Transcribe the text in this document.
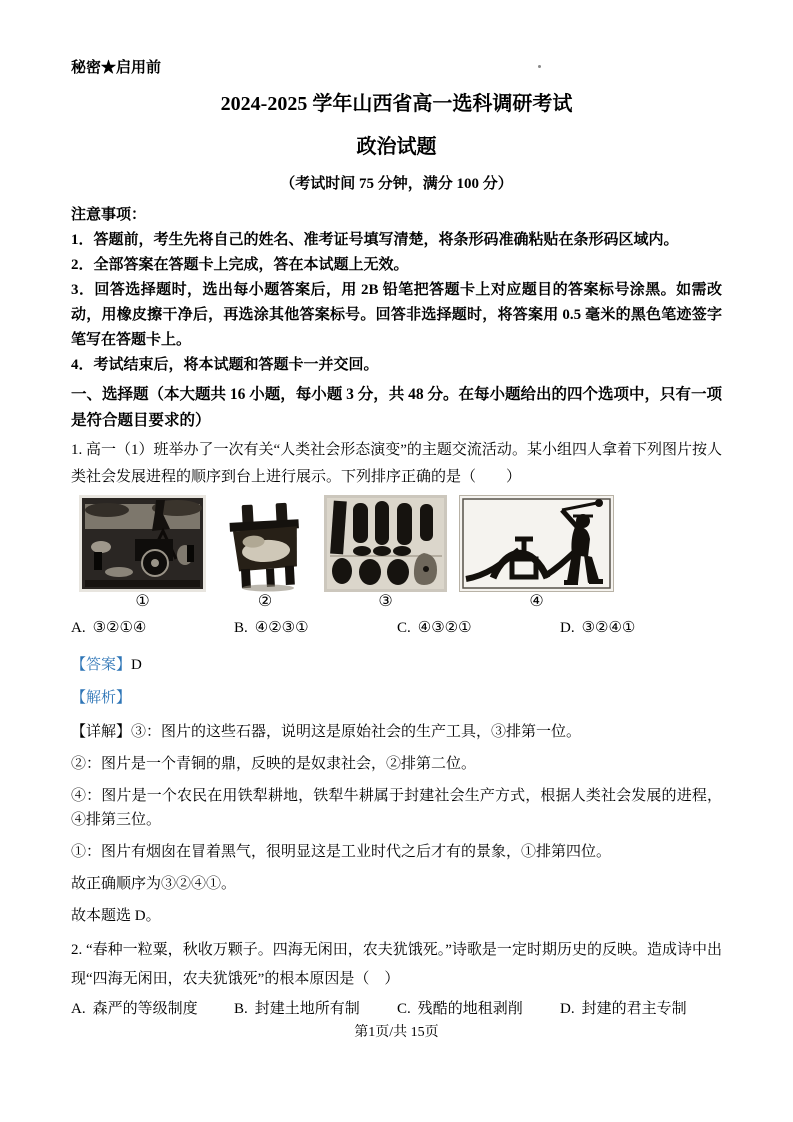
秘密★启用前
2024-2025 学年山西省高一选科调研考试
政治试题
（考试时间 75 分钟，满分 100 分）

注意事项：

1．答题前，考生先将自己的姓名、准考证号填写清楚，将条形码准确粘贴在条形码区域内。

2．全部答案在答题卡上完成，答在本试题上无效。

3．回答选择题时，选出每小题答案后，用 2B 铅笔把答题卡上对应题目的答案标号涂黑。如需改动，用橡皮擦干净后，再选涂其他答案标号。回答非选择题时，将答案用 0.5 毫米的黑色笔迹签字笔写在答题卡上。

4．考试结束后，将本试题和答题卡一并交回。

一、选择题（本大题共 16 小题，每小题 3 分，共 48 分。在每小题给出的四个选项中，只有一项是符合题目要求的）
1. 高一（1）班举办了一次有关“人类社会形态演变”的主题交流活动。某小组四人拿着下列图片按人类社会发展进程的顺序到台上进行展示。下列排序正确的是（　　）
①	②	③	④
A. ③②①④	B. ④②③①	C. ④③②①	D. ③②④①
【答案】D
【解析】

【详解】③：图片的这些石器，说明这是原始社会的生产工具，③排第一位。

②：图片是一个青铜的鼎，反映的是奴隶社会，②排第二位。

④：图片是一个农民在用铁犁耕地，铁犁牛耕属于封建社会生产方式，根据人类社会发展的进程，④排第三位。

①：图片有烟囱在冒着黑气，很明显这是工业时代之后才有的景象，①排第四位。

故正确顺序为③②④①。

故本题选 D。

2. “春种一粒粟，秋收万颗子。四海无闲田，农夫犹饿死。”诗歌是一定时期历史的反映。造成诗中出现“四海无闲田，农夫犹饿死”的根本原因是（　）
A. 森严的等级制度	B. 封建土地所有制	C. 残酷的地租剥削	D. 封建的君主专制
第1页/共 15页
